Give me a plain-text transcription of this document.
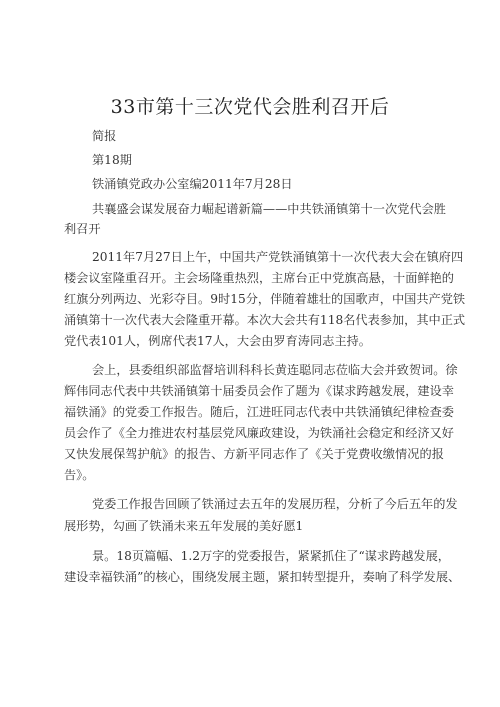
33市第十三次党代会胜利召开后
简报
第18期
铁涌镇党政办公室编2011年7月28日
共襄盛会谋发展奋力崛起谱新篇——中共铁涌镇第十一次党代会胜
利召开
2011年7月27日上午，中国共产党铁涌镇第十一次代表大会在镇府四
楼会议室隆重召开。主会场隆重热烈，主席台正中党旗高悬，十面鲜艳的
红旗分列两边、光彩夺目。9时15分，伴随着雄壮的国歌声，中国共产党铁
涌镇第十一次代表大会隆重开幕。本次大会共有118名代表参加，其中正式
党代表101人，例席代表17人，大会由罗育涛同志主持。
会上，县委组织部监督培训科科长黄连聪同志莅临大会并致贺词。徐
辉伟同志代表中共铁涌镇第十届委员会作了题为《谋求跨越发展，建设幸
福铁涌》的党委工作报告。随后，江进旺同志代表中共铁涌镇纪律检查委
员会作了《全力推进农村基层党风廉政建设，为铁涌社会稳定和经济又好
又快发展保驾护航》的报告、方新平同志作了《关于党费收缴情况的报
告》。
党委工作报告回顾了铁涌过去五年的发展历程，分析了今后五年的发
展形势，勾画了铁涌未来五年发展的美好愿1
景。18页篇幅、1.2万字的党委报告，紧紧抓住了“谋求跨越发展，
建设幸福铁涌”的核心，围绕发展主题，紧扣转型提升，奏响了科学发展、
